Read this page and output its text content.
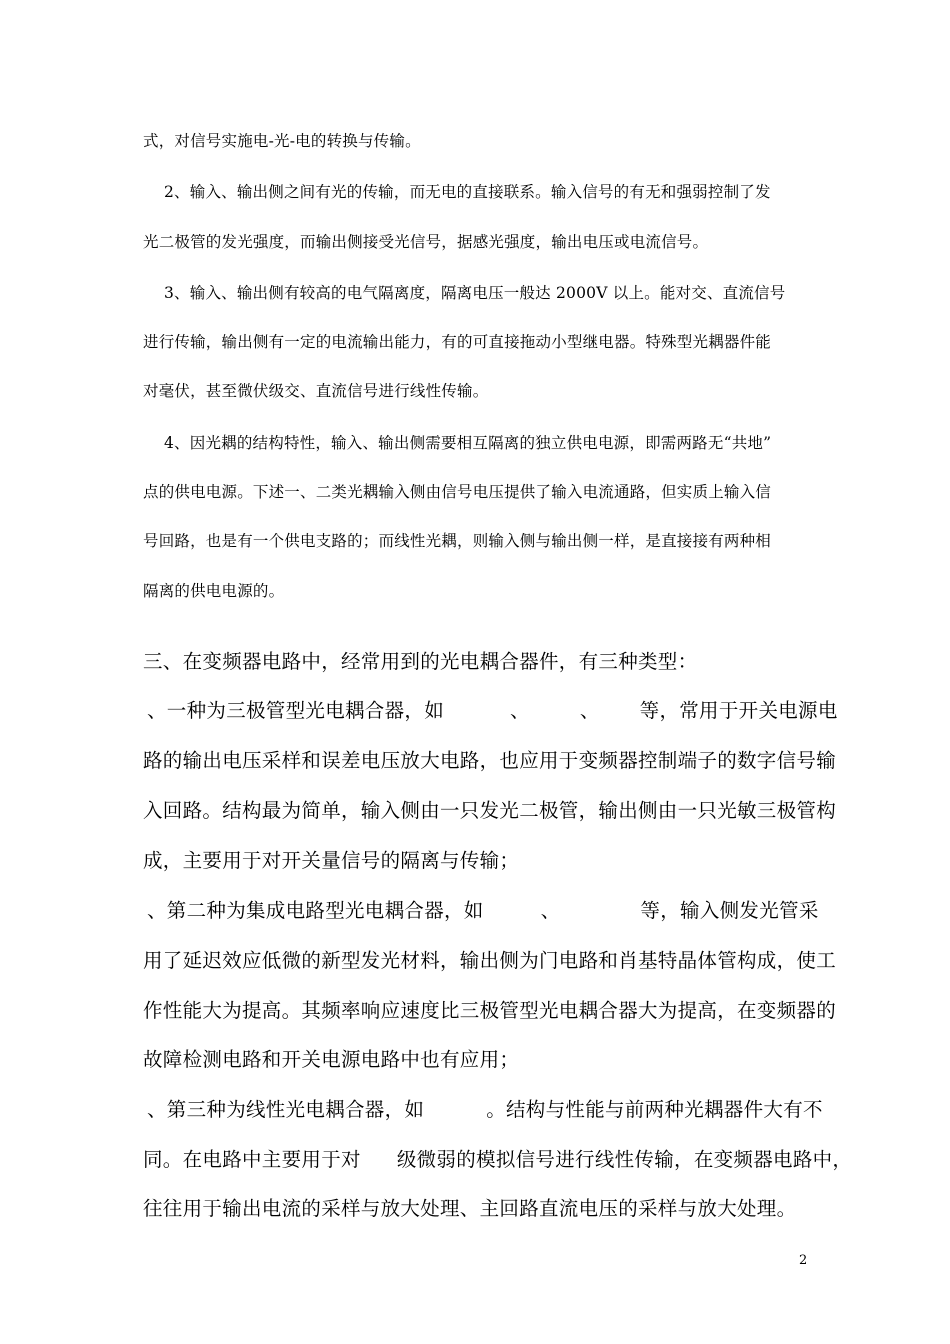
式，对信号实施电-光-电的转换与传输。
2、输入、输出侧之间有光的传输，而无电的直接联系。输入信号的有无和强弱控制了发
光二极管的发光强度，而输出侧接受光信号，据感光强度，输出电压或电流信号。
3、输入、输出侧有较高的电气隔离度，隔离电压一般达 2000V 以上。能对交、直流信号
进行传输，输出侧有一定的电流输出能力，有的可直接拖动小型继电器。特殊型光耦器件能
对毫伏，甚至微伏级交、直流信号进行线性传输。
4、因光耦的结构特性，输入、输出侧需要相互隔离的独立供电电源，即需两路无“共地”
点的供电电源。下述一、二类光耦输入侧由信号电压提供了输入电流通路，但实质上输入信
号回路，也是有一个供电支路的；而线性光耦，则输入侧与输出侧一样，是直接接有两种相
隔离的供电电源的。
三、在变频器电路中，经常用到的光电耦合器件，有三种类型：
、一种为三极管型光电耦合器，如	、	、 等，常用于开关电源电
路的输出电压采样和误差电压放大电路，也应用于变频器控制端子的数字信号输
入回路。结构最为简单，输入侧由一只发光二极管，输出侧由一只光敏三极管构
成，主要用于对开关量信号的隔离与传输；
、第二种为集成电路型光电耦合器，如	、	等，输入侧发光管采
用了延迟效应低微的新型发光材料，输出侧为门电路和肖基特晶体管构成，使工
作性能大为提高。其频率响应速度比三极管型光电耦合器大为提高，在变频器的
故障检测电路和开关电源电路中也有应用；
、第三种为线性光电耦合器，如	。结构与性能与前两种光耦器件大有不
同。在电路中主要用于对 级微弱的模拟信号进行线性传输，在变频器电路中，
往往用于输出电流的采样与放大处理、主回路直流电压的采样与放大处理。
2
